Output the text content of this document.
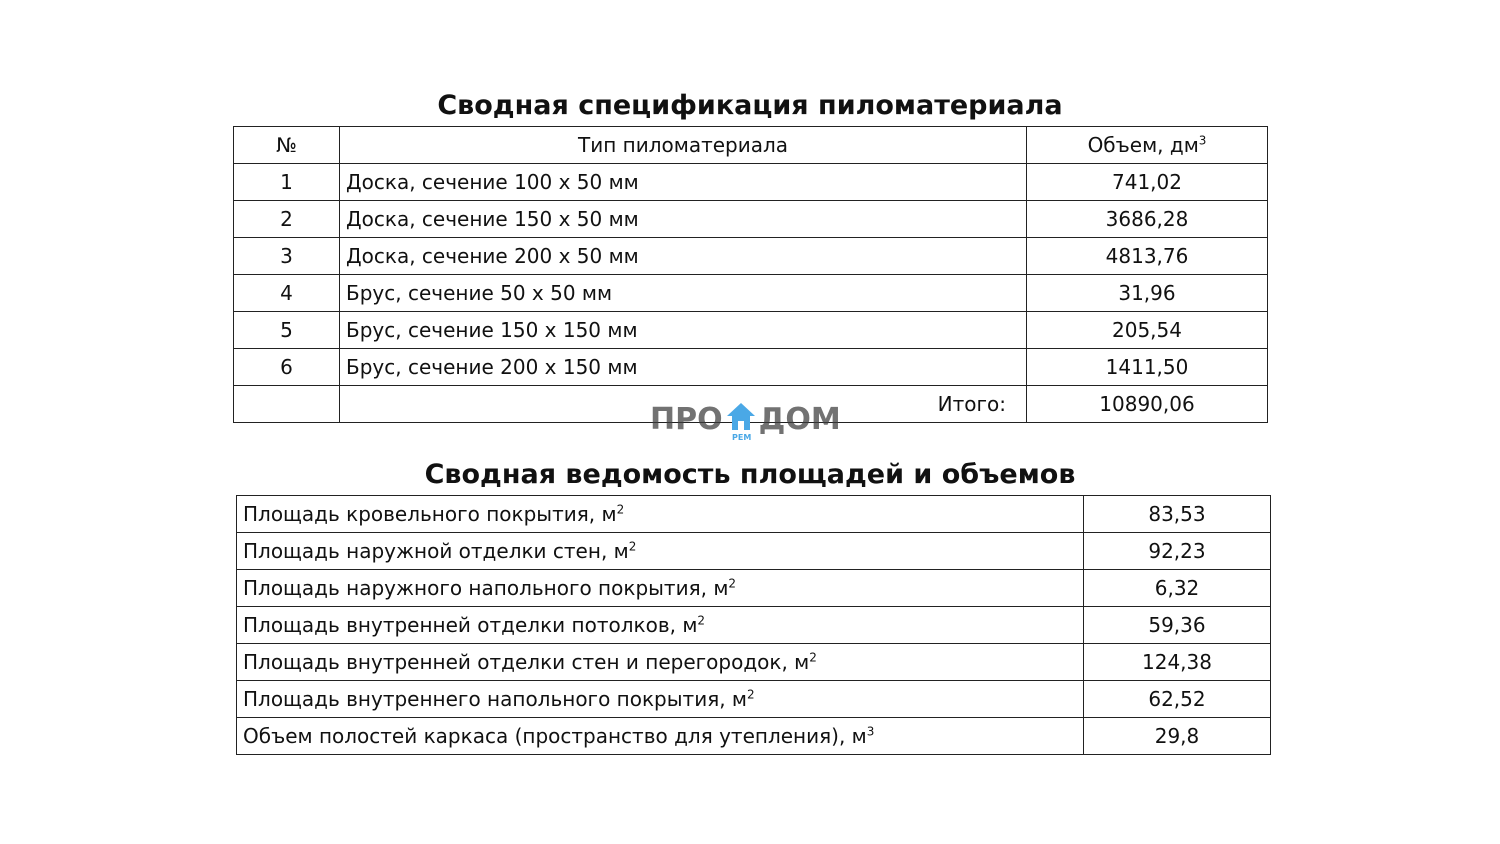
Сводная спецификация пиломатериала
№	Тип пиломатериала	Объем, $дм^3$
1	Доска, сечение 100 х 50 мм	741,02
2	Доска, сечение 150 х 50 мм	3686,28
3	Доска, сечение 200 х 50 мм	4813,76
4	Брус, сечение 50 х 50 мм	31,96
5	Брус, сечение 150 х 150 мм	205,54
6	Брус, сечение 200 х 150 мм	1411,50
	Итого:	10890,06
ПРО ДОМ
РЕМ
Сводная ведомость площадей и объемов
Площадь кровельного покрытия, $м^2$	83,53
Площадь наружной отделки стен, $м^2$	92,23
Площадь наружного напольного покрытия, $м^2$	6,32
Площадь внутренней отделки потолков, $м^2$	59,36
Площадь внутренней отделки стен и перегородок, $м^2$	124,38
Площадь внутреннего напольного покрытия, $м^2$	62,52
Объем полостей каркаса (пространство для утепления), $м^3$	29,8
